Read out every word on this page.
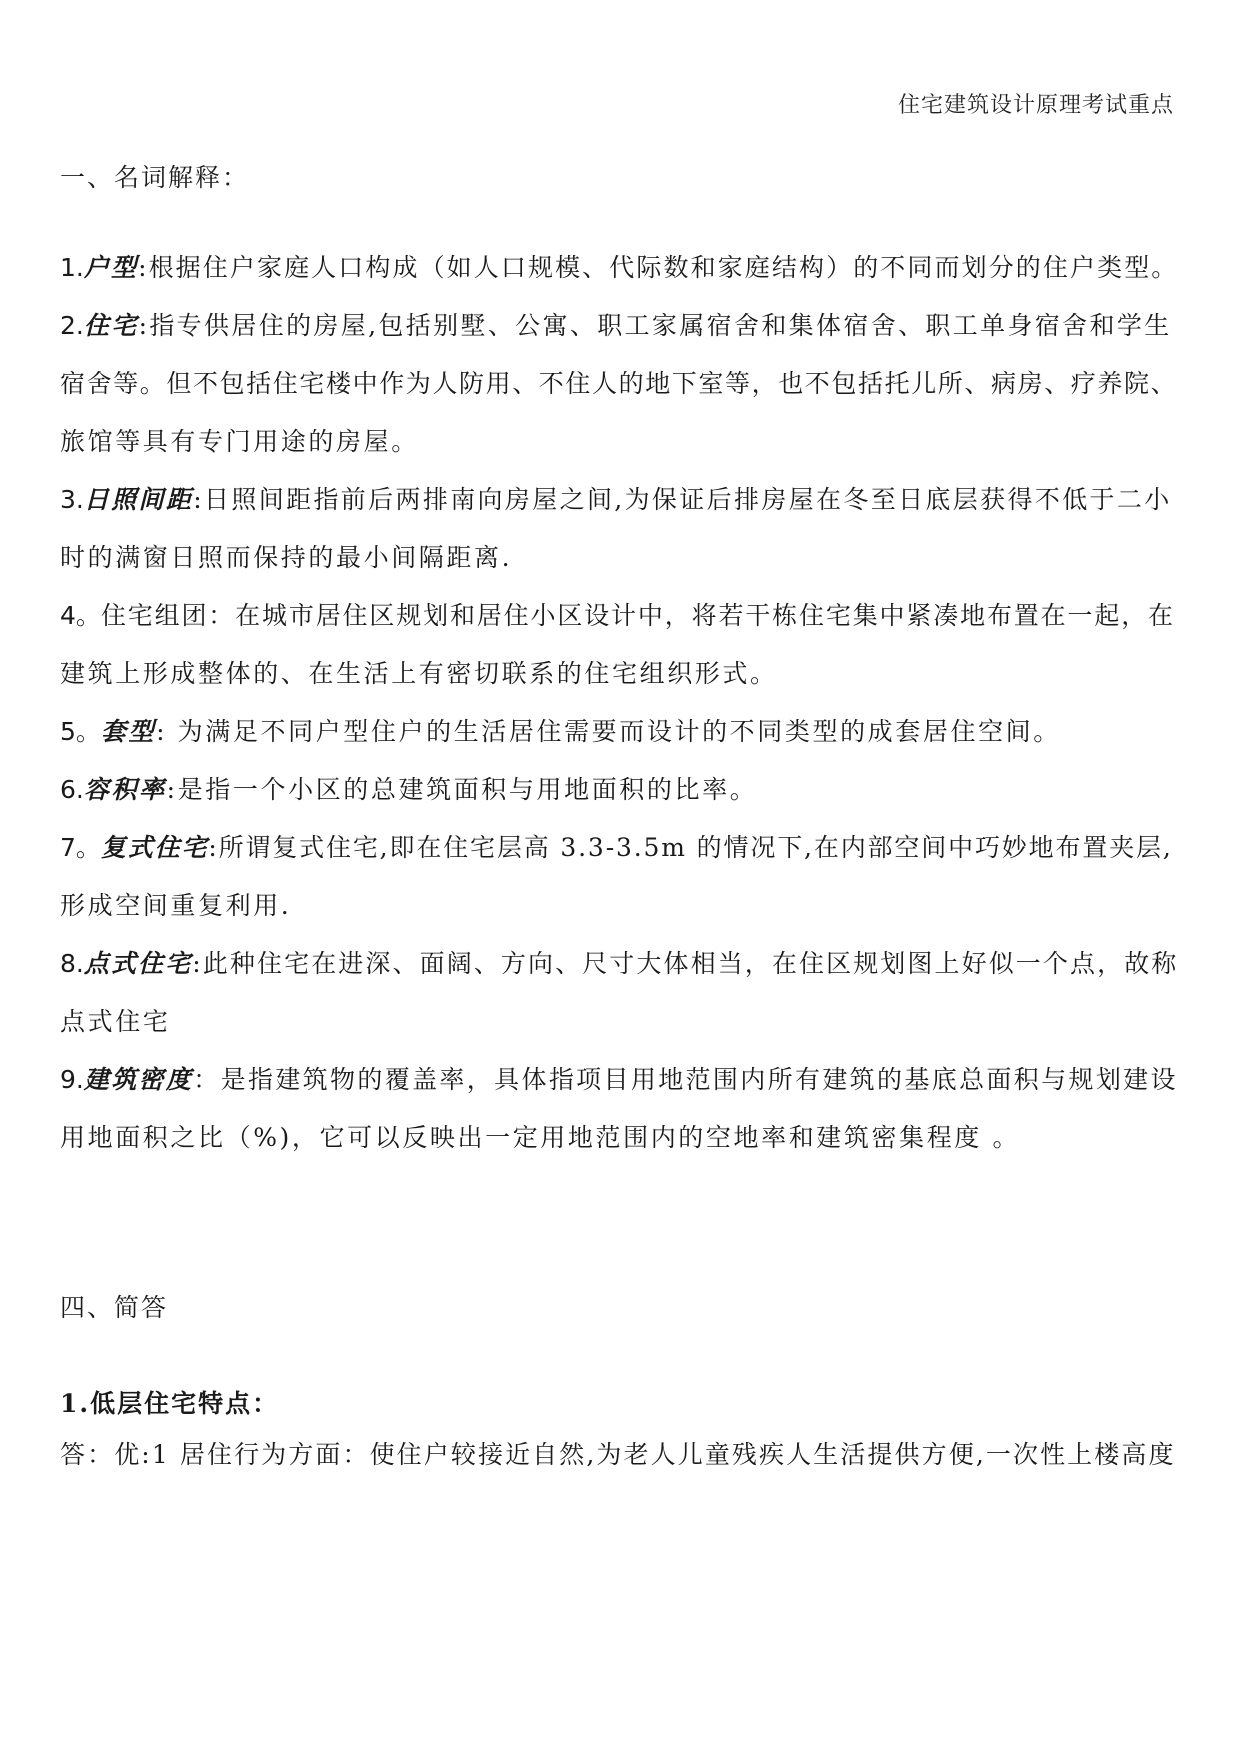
住宅建筑设计原理考试重点
一、名词解释：
1.户型:根据住户家庭人口构成（如人口规模、代际数和家庭结构）的不同而划分的住户类型。
2.住宅:指专供居住的房屋,包括别墅、公寓、职工家属宿舍和集体宿舍、职工单身宿舍和学生
宿舍等。但不包括住宅楼中作为人防用、不住人的地下室等，也不包括托儿所、病房、疗养院、
旅馆等具有专门用途的房屋。
3.日照间距:日照间距指前后两排南向房屋之间,为保证后排房屋在冬至日底层获得不低于二小
时的满窗日照而保持的最小间隔距离.
4。住宅组团：在城市居住区规划和居住小区设计中，将若干栋住宅集中紧凑地布置在一起，在
建筑上形成整体的、在生活上有密切联系的住宅组织形式。
5。套型: 为满足不同户型住户的生活居住需要而设计的不同类型的成套居住空间。
6.容积率:是指一个小区的总建筑面积与用地面积的比率。
7。复式住宅:所谓复式住宅,即在住宅层高 3.3-3.5m 的情况下,在内部空间中巧妙地布置夹层,
形成空间重复利用.
8.点式住宅:此种住宅在进深、面阔、方向、尺寸大体相当，在住区规划图上好似一个点，故称
点式住宅
9.建筑密度：是指建筑物的覆盖率，具体指项目用地范围内所有建筑的基底总面积与规划建设
用地面积之比（%)，它可以反映出一定用地范围内的空地率和建筑密集程度 。
四、简答
1.低层住宅特点：
答：优:1 居住行为方面：使住户较接近自然,为老人儿童残疾人生活提供方便,一次性上楼高度
